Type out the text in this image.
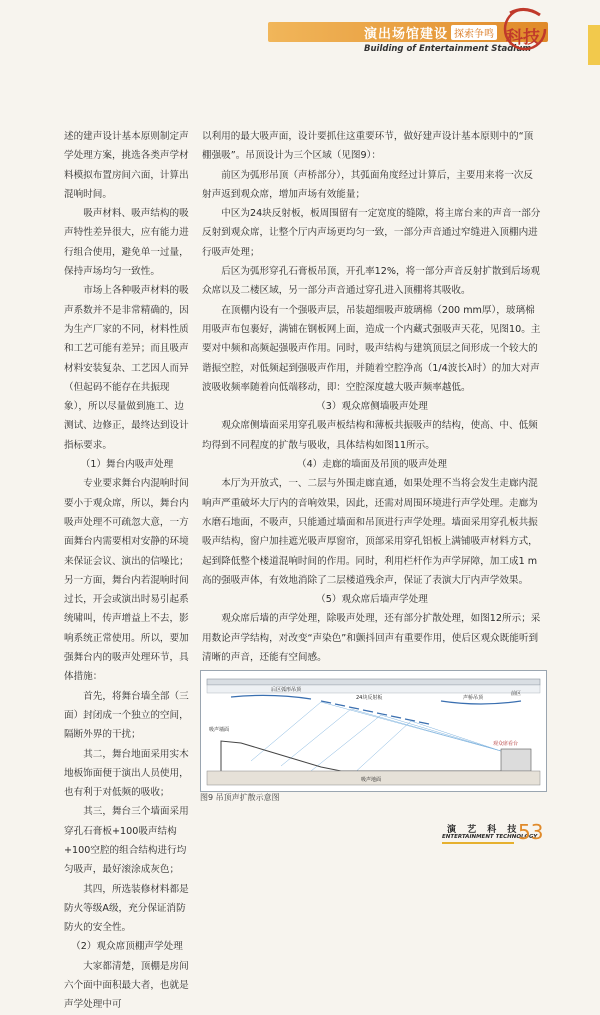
演出场馆建设 探索争鸣
Building of Entertainment Stadium
科技

述的建声设计基本原则制定声学处理方案，挑选各类声学材料模拟布置房间六面，计算出混响时间。

吸声材料、吸声结构的吸声特性差异很大，应有能力进行组合使用，避免单一过量，保持声场均匀一致性。

市场上各种吸声材料的吸声系数并不是非常精确的，因为生产厂家的不同，材料性质和工艺可能有差异；而且吸声材料安装复杂、工艺因人而异（但起码不能存在共振现象），所以尽量做到施工、边测试、边修正，最终达到设计指标要求。

（1）舞台内吸声处理

专业要求舞台内混响时间要小于观众席，所以，舞台内吸声处理不可疏忽大意，一方面舞台内需要相对安静的环境来保证会议、演出的信噪比；另一方面，舞台内若混响时间过长，开会或演出时易引起系统啸叫，传声增益上不去，影响系统正常使用。所以，要加强舞台内的吸声处理环节，具体措施：

首先，将舞台墙全部（三面）封闭成一个独立的空间，隔断外界的干扰；

其二，舞台地面采用实木地板饰面便于演出人员使用，也有利于对低频的吸收；

其三，舞台三个墙面采用穿孔石膏板+100吸声结构+100空腔的组合结构进行均匀吸声，最好滚涂成灰色；

其四，所选装修材料都是防火等级A级，充分保证消防防火的安全性。

（2）观众席顶棚声学处理

大家都清楚，顶棚是房间六个面中面积最大者，也就是声学处理中可

以利用的最大吸声面，设计要抓住这重要环节，做好建声设计基本原则中的“顶棚强吸”。吊顶设计为三个区域（见图9）：

前区为弧形吊顶（声桥部分），其弧面角度经过计算后，主要用来将一次反射声返到观众席，增加声场有效能量；

中区为24块反射板，板周围留有一定宽度的缝隙，将主席台来的声音一部分反射到观众席，让整个厅内声场更均匀一致，一部分声音通过窄缝进入顶棚内进行吸声处理；

后区为弧形穿孔石膏板吊顶，开孔率12%，将一部分声音反射扩散到后场观众席以及二楼区域，另一部分声音通过穿孔进入顶棚将其吸收。

在顶棚内设有一个强吸声层，吊装超细吸声玻璃棉（200 mm厚），玻璃棉用吸声布包裹好，满铺在钢板网上面，造成一个内藏式强吸声天花，见图10。主要对中频和高频起强吸声作用。同时，吸声结构与建筑顶层之间形成一个较大的谐振空腔，对低频起到强吸声作用，并随着空腔净高（1/4波长λ时）的加大对声波吸收频率随着向低端移动，即：空腔深度越大吸声频率越低。

（3）观众席侧墙吸声处理

观众席侧墙面采用穿孔吸声板结构和薄板共振吸声的结构，使高、中、低频均得到不同程度的扩散与吸收，具体结构如图11所示。

（4）走廊的墙面及吊顶的吸声处理

本厅为开放式，一、二层与外围走廊直通，如果处理不当将会发生走廊内混响声严重破坏大厅内的音响效果，因此，还需对周围环境进行声学处理。走廊为水磨石地面，不吸声，只能通过墙面和吊顶进行声学处理。墙面采用穿孔板共振吸声结构，窗户加挂遮光吸声厚窗帘，顶部采用穿孔铝板上满铺吸声材料方式，起到降低整个楼道混响时间的作用。同时，利用栏杆作为声学屏障，加工成1 m高的强吸声体，有效地消除了二层楼道残余声，保证了表演大厅内声学效果。

（5）观众席后墙声学处理

观众席后墙的声学处理，除吸声处理，还有部分扩散处理，如图12所示；采用数论声学结构，对改变“声染色”和颤抖回声有重要作用，使后区观众既能听到清晰的声音，还能有空间感。

后区弧形吊顶
声桥吊顶
24块反射板
前区
吸声墙面
吸声地面
观众席看台
图9 吊顶声扩散示意图
演 艺 科 技
ENTERTAINMENT TECHNOLOGY
53
